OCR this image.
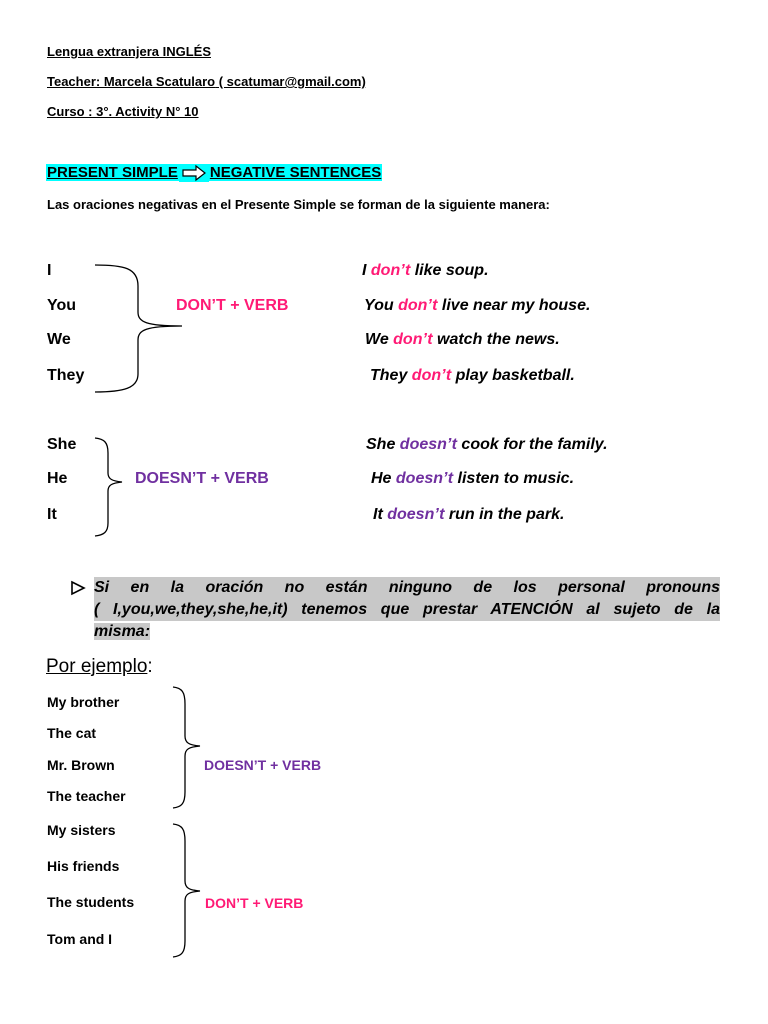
Lengua extranjera INGLÉS
Teacher: Marcela Scatularo ( scatumar@gmail.com)
Curso : 3°. Activity N° 10
PRESENT SIMPLE NEGATIVE SENTENCES
Las oraciones negativas en el Presente Simple se forman de la siguiente manera:
I
You
We
They
DON’T + VERB
I don’t like soup.
You don’t live near my house.
We don’t watch the news.
They don’t play basketball.
She
He
It
DOESN’T + VERB
She doesn’t cook for the family.
He doesn’t listen to music.
It doesn’t run in the park.
Si en la oración no están ninguno de los personal pronouns
( I,you,we,they,she,he,it) tenemos que prestar ATENCIÓN al sujeto de la
misma:
Por ejemplo:
My brother
The cat
Mr. Brown
The teacher
DOESN’T + VERB
My sisters
His friends
The students
Tom and I
DON’T + VERB
